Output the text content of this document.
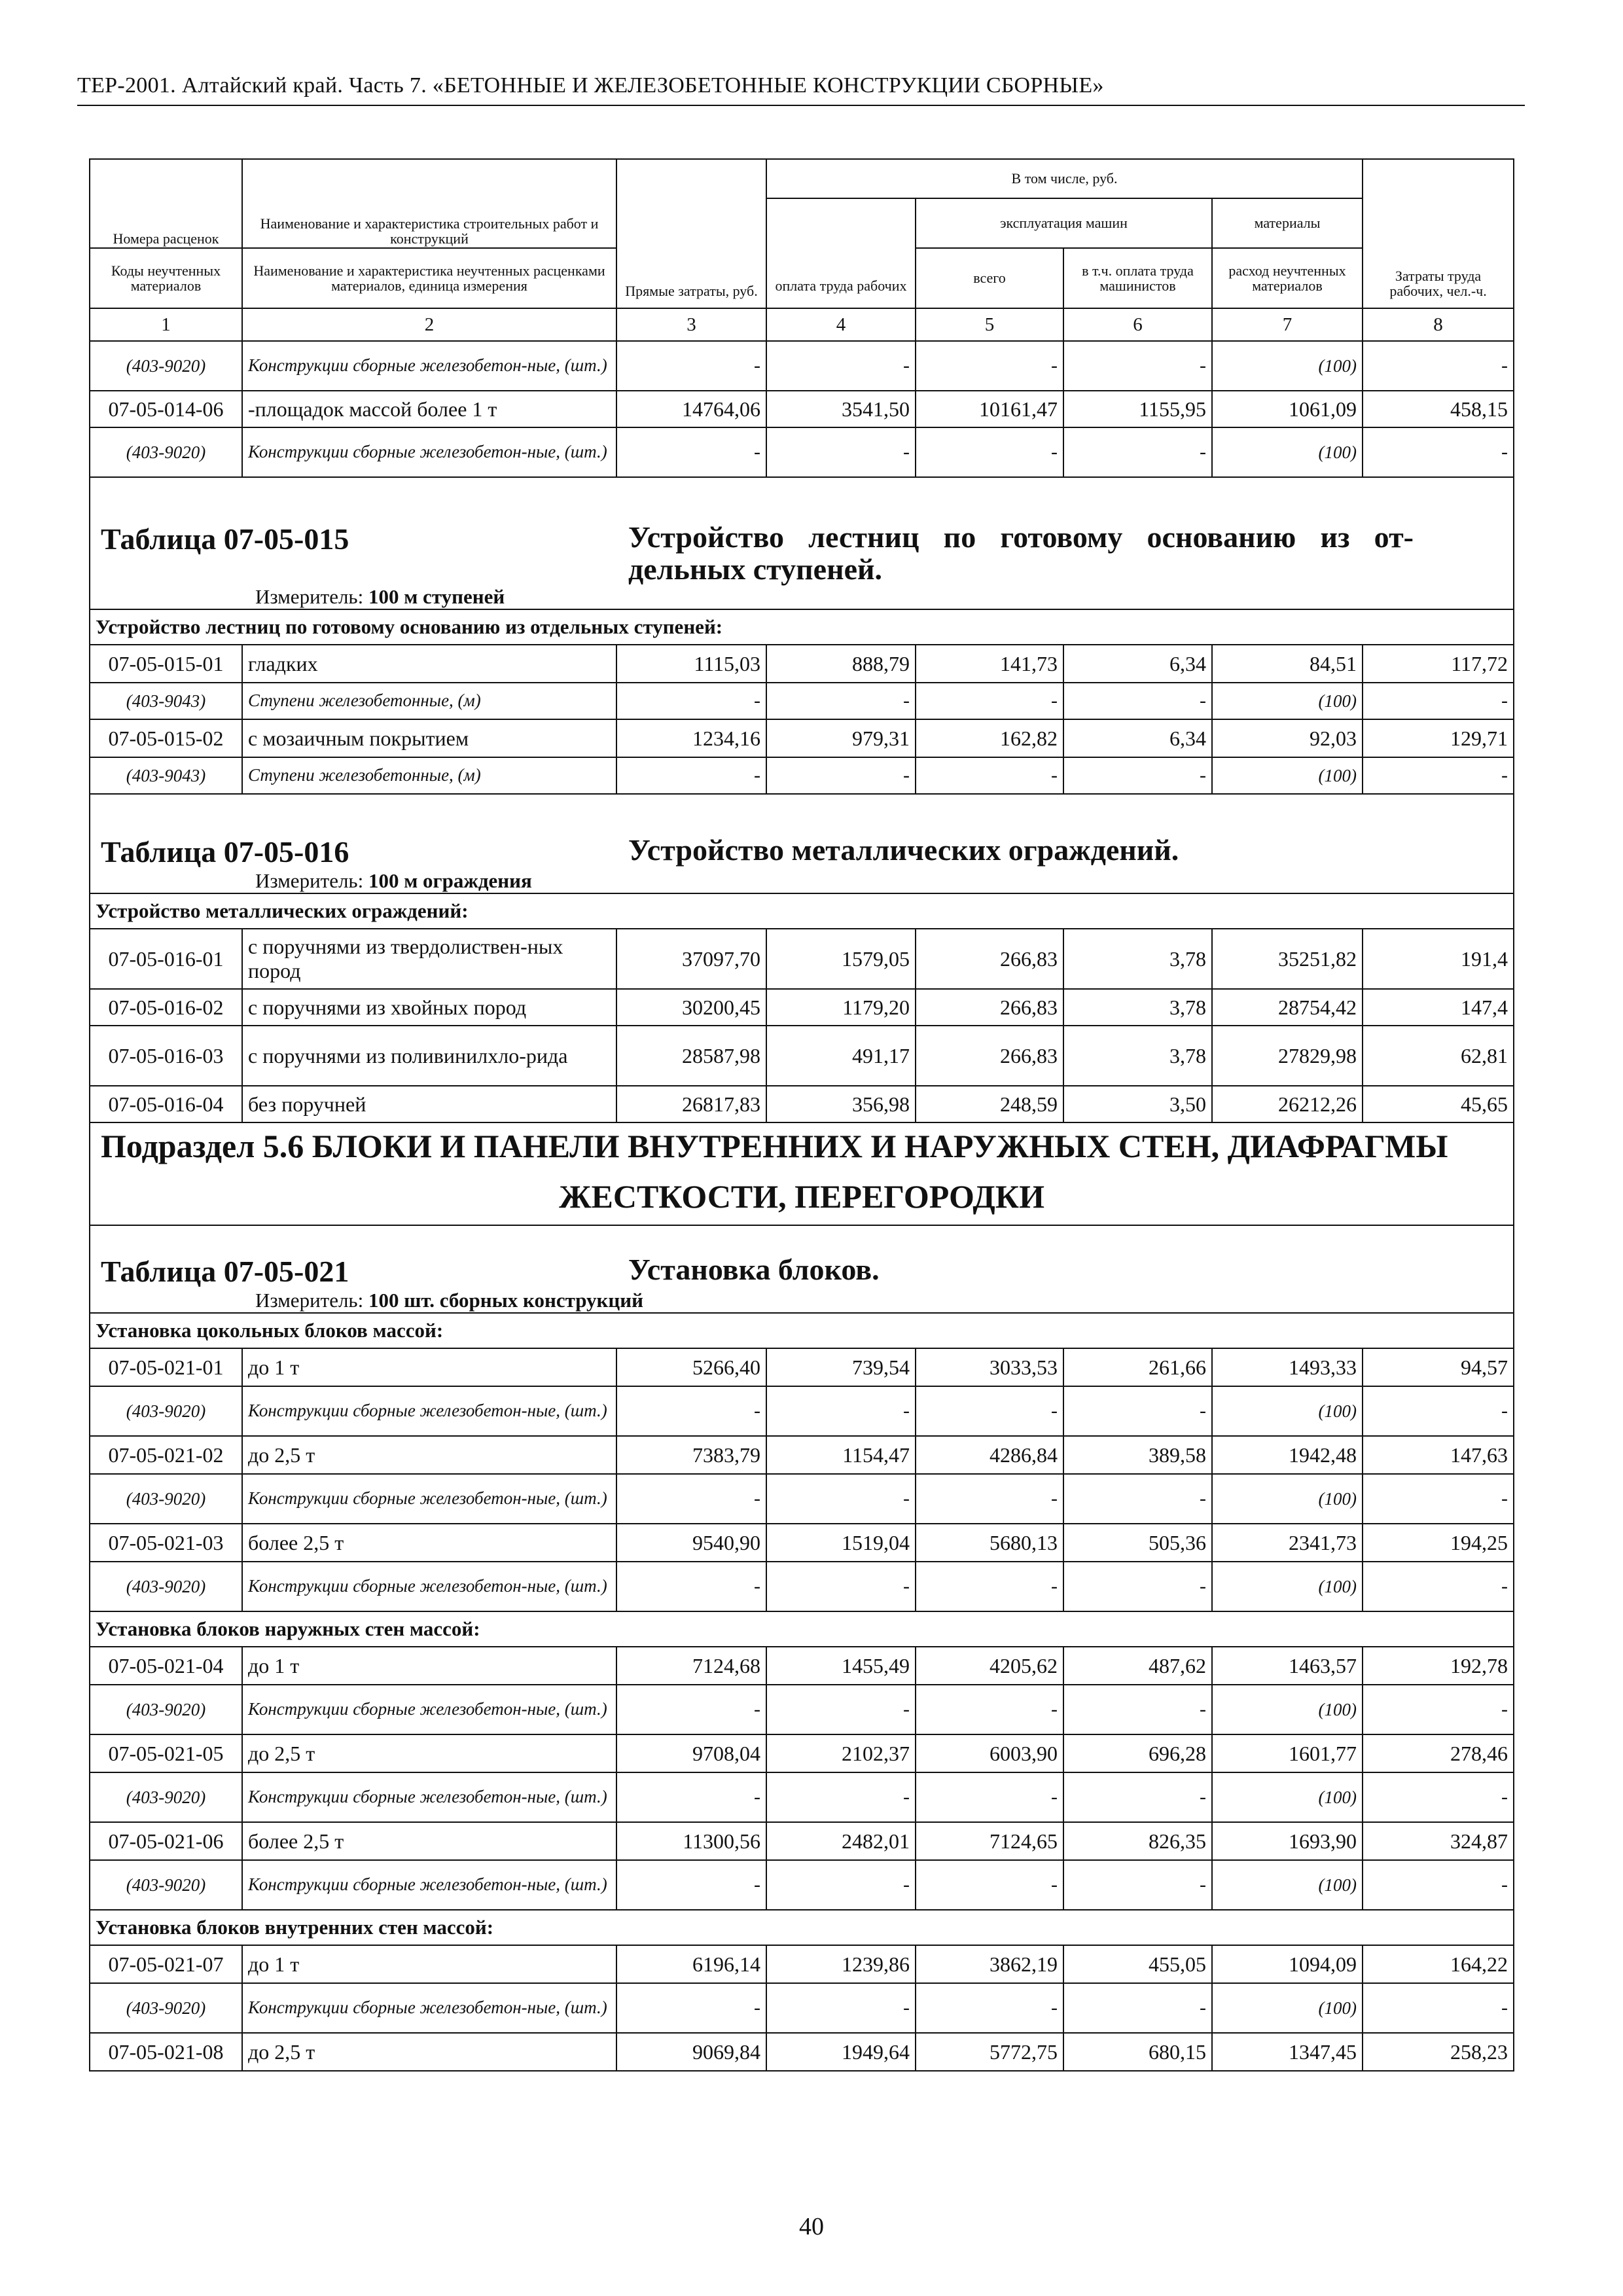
ТЕР-2001. Алтайский край. Часть 7. «БЕТОННЫЕ И ЖЕЛЕЗОБЕТОННЫЕ КОНСТРУКЦИИ СБОРНЫЕ»
Номера расценок	Наименование и характеристика строительных работ и конструкций	Прямые затраты, руб.	В том числе, руб.				Затраты труда рабочих, чел.-ч.
			оплата труда рабочих	эксплуатация машин		материалы	
Коды неучтенных материалов	Наименование и характеристика неучтенных расценками материалов, единица измерения			всего	в т.ч. оплата труда машинистов	расход неучтенных материалов	
1	2	3	4	5	6	7	8
(403-9020)	Конструкции сборные железобетон-ные, (шт.)	-	-	-	-	(100)	-
07-05-014-06	-площадок массой более 1 т	14764,06	3541,50	10161,47	1155,95	1061,09	458,15
(403-9020)	Конструкции сборные железобетон-ные, (шт.)	-	-	-	-	(100)	-

Таблица 07-05-015 Устройство лестниц по готовому основанию из от-дельных ступеней.
Измеритель: 100 м ступеней							

Устройство лестниц по готовому основанию из отдельных ступеней:							
07-05-015-01	гладких	1115,03	888,79	141,73	6,34	84,51	117,72
(403-9043)	Ступени железобетонные, (м)	-	-	-	-	(100)	-
07-05-015-02	с мозаичным покрытием	1234,16	979,31	162,82	6,34	92,03	129,71
(403-9043)	Ступени железобетонные, (м)	-	-	-	-	(100)	-

Таблица 07-05-016 Устройство металлических ограждений.
Измеритель: 100 м ограждения							

Устройство металлических ограждений:							
07-05-016-01	с поручнями из твердолиствен-ных пород	37097,70	1579,05	266,83	3,78	35251,82	191,4
07-05-016-02	с поручнями из хвойных пород	30200,45	1179,20	266,83	3,78	28754,42	147,4
07-05-016-03	с поручнями из поливинилхло-рида	28587,98	491,17	266,83	3,78	27829,98	62,81
07-05-016-04	без поручней	26817,83	356,98	248,59	3,50	26212,26	45,65

Подраздел 5.6 БЛОКИ И ПАНЕЛИ ВНУТРЕННИХ И НАРУЖНЫХ СТЕН, ДИАФРАГМЫ
ЖЕСТКОСТИ, ПЕРЕГОРОДКИ							

Таблица 07-05-021 Установка блоков.
Измеритель: 100 шт. сборных конструкций							

Установка цокольных блоков массой:							
07-05-021-01	до 1 т	5266,40	739,54	3033,53	261,66	1493,33	94,57
(403-9020)	Конструкции сборные железобетон-ные, (шт.)	-	-	-	-	(100)	-
07-05-021-02	до 2,5 т	7383,79	1154,47	4286,84	389,58	1942,48	147,63
(403-9020)	Конструкции сборные железобетон-ные, (шт.)	-	-	-	-	(100)	-
07-05-021-03	более 2,5 т	9540,90	1519,04	5680,13	505,36	2341,73	194,25
(403-9020)	Конструкции сборные железобетон-ные, (шт.)	-	-	-	-	(100)	-
Установка блоков наружных стен массой:							
07-05-021-04	до 1 т	7124,68	1455,49	4205,62	487,62	1463,57	192,78
(403-9020)	Конструкции сборные железобетон-ные, (шт.)	-	-	-	-	(100)	-
07-05-021-05	до 2,5 т	9708,04	2102,37	6003,90	696,28	1601,77	278,46
(403-9020)	Конструкции сборные железобетон-ные, (шт.)	-	-	-	-	(100)	-
07-05-021-06	более 2,5 т	11300,56	2482,01	7124,65	826,35	1693,90	324,87
(403-9020)	Конструкции сборные железобетон-ные, (шт.)	-	-	-	-	(100)	-
Установка блоков внутренних стен массой:							
07-05-021-07	до 1 т	6196,14	1239,86	3862,19	455,05	1094,09	164,22
(403-9020)	Конструкции сборные железобетон-ные, (шт.)	-	-	-	-	(100)	-
07-05-021-08	до 2,5 т	9069,84	1949,64	5772,75	680,15	1347,45	258,23
40
